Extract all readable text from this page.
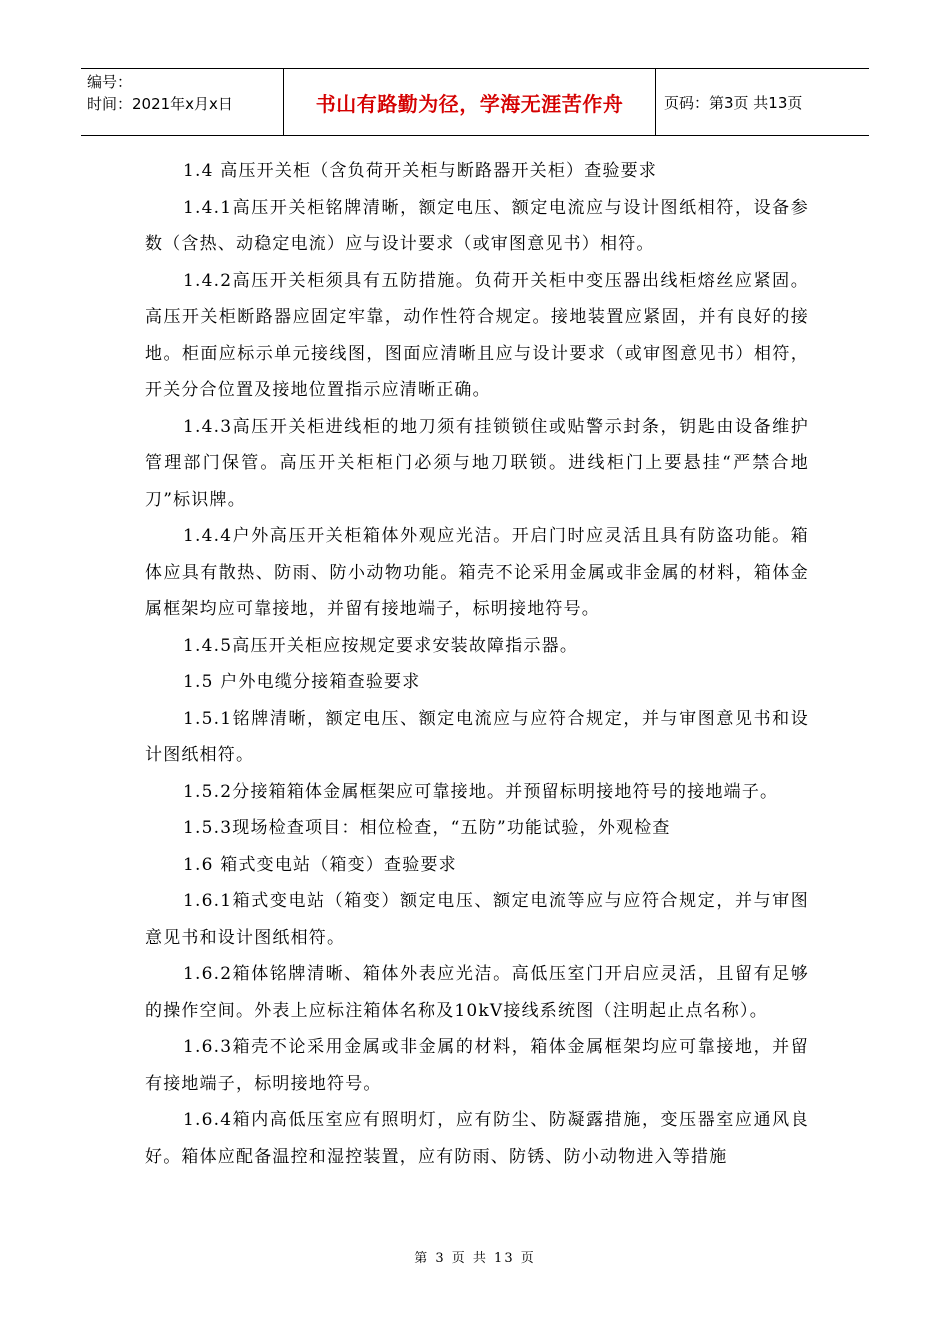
编号：
时间：2021年x月x日	书山有路勤为径，学海无涯苦作舟	页码：第3页 共13页

1.4 高压开关柜（含负荷开关柜与断路器开关柜）查验要求

1.4.1高压开关柜铭牌清晰，额定电压、额定电流应与设计图纸相符，设备参数（含热、动稳定电流）应与设计要求（或审图意见书）相符。

1.4.2高压开关柜须具有五防措施。负荷开关柜中变压器出线柜熔丝应紧固。高压开关柜断路器应固定牢靠，动作性符合规定。接地装置应紧固，并有良好的接地。柜面应标示单元接线图，图面应清晰且应与设计要求（或审图意见书）相符，开关分合位置及接地位置指示应清晰正确。

1.4.3高压开关柜进线柜的地刀须有挂锁锁住或贴警示封条，钥匙由设备维护管理部门保管。高压开关柜柜门必须与地刀联锁。进线柜门上要悬挂“严禁合地刀”标识牌。

1.4.4户外高压开关柜箱体外观应光洁。开启门时应灵活且具有防盗功能。箱体应具有散热、防雨、防小动物功能。箱壳不论采用金属或非金属的材料，箱体金属框架均应可靠接地，并留有接地端子，标明接地符号。

1.4.5高压开关柜应按规定要求安装故障指示器。

1.5 户外电缆分接箱查验要求

1.5.1铭牌清晰，额定电压、额定电流应与应符合规定，并与审图意见书和设计图纸相符。

1.5.2分接箱箱体金属框架应可靠接地。并预留标明接地符号的接地端子。

1.5.3现场检查项目：相位检查，“五防”功能试验，外观检查

1.6 箱式变电站（箱变）查验要求

1.6.1箱式变电站（箱变）额定电压、额定电流等应与应符合规定，并与审图意见书和设计图纸相符。

1.6.2箱体铭牌清晰、箱体外表应光洁。高低压室门开启应灵活，且留有足够的操作空间。外表上应标注箱体名称及10kV接线系统图（注明起止点名称）。

1.6.3箱壳不论采用金属或非金属的材料，箱体金属框架均应可靠接地，并留有接地端子，标明接地符号。

1.6.4箱内高低压室应有照明灯，应有防尘、防凝露措施，变压器室应通风良好。箱体应配备温控和湿控装置，应有防雨、防锈、防小动物进入等措施

第 3 页 共 13 页
